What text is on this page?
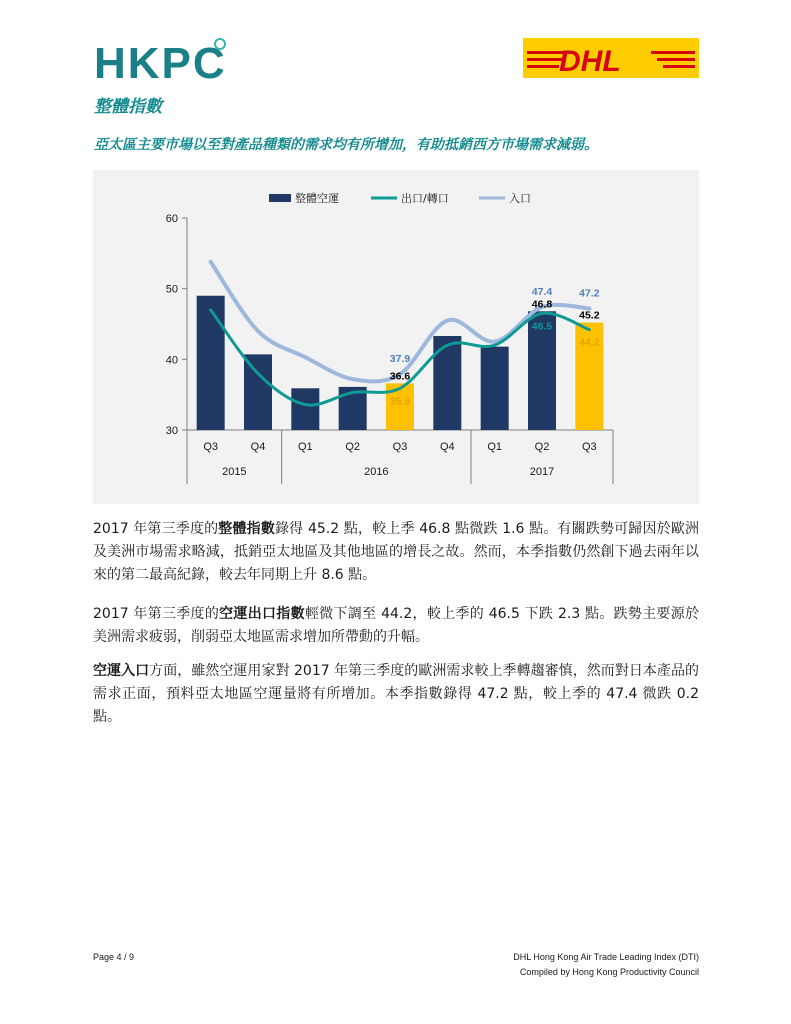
HKPC	DHL
整體指數
亞太區主要市場以至對產品種類的需求均有所增加，有助抵銷西方市場需求減弱。
30
40
50
60
Q3	Q4	Q1	Q2	Q3	Q4	Q1	Q2	Q3
2015	2016	2017
37.9
36.6
35.9
47.4
46.8
46.5
47.2
45.2
44.2
整體空運	出口/轉口	入口
2017 年第三季度的整體指數錄得 45.2 點，較上季 46.8 點微跌 1.6 點。有關跌勢可歸因於歐洲及美洲市場需求略減，抵銷亞太地區及其他地區的增長之故。然而，本季指數仍然創下過去兩年以來的第二最高紀錄，較去年同期上升 8.6 點。
2017 年第三季度的空運出口指數輕微下調至 44.2，較上季的 46.5 下跌 2.3 點。跌勢主要源於美洲需求疲弱，削弱亞太地區需求增加所帶動的升幅。
空運入口方面，雖然空運用家對 2017 年第三季度的歐洲需求較上季轉趨審慎，然而對日本產品的需求正面，預料亞太地區空運量將有所增加。本季指數錄得 47.2 點，較上季的 47.4 微跌 0.2 點。
Page 4 / 9	DHL Hong Kong Air Trade Leading Index (DTI)
Compiled by Hong Kong Productivity Council
